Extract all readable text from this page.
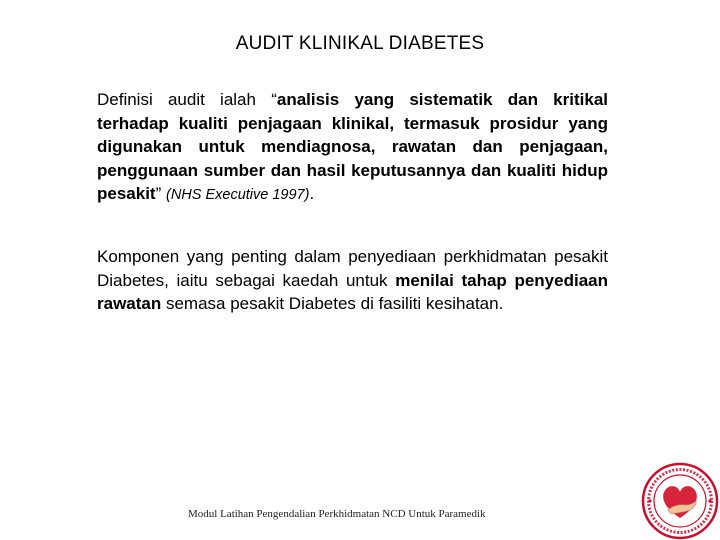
AUDIT KLINIKAL DIABETES
Definisi audit ialah “analisis yang sistematik dan kritikal terhadap kualiti penjagaan klinikal, termasuk prosidur yang digunakan untuk mendiagnosa, rawatan dan penjagaan, penggunaan sumber dan hasil keputusannya dan kualiti hidup pesakit” (NHS Executive 1997).
Komponen yang penting dalam penyediaan perkhidmatan pesakit Diabetes, iaitu sebagai kaedah untuk menilai tahap penyediaan rawatan semasa pesakit Diabetes di fasiliti kesihatan.
Modul Latihan Pengendalian Perkhidmatan NCD Untuk Paramedik
